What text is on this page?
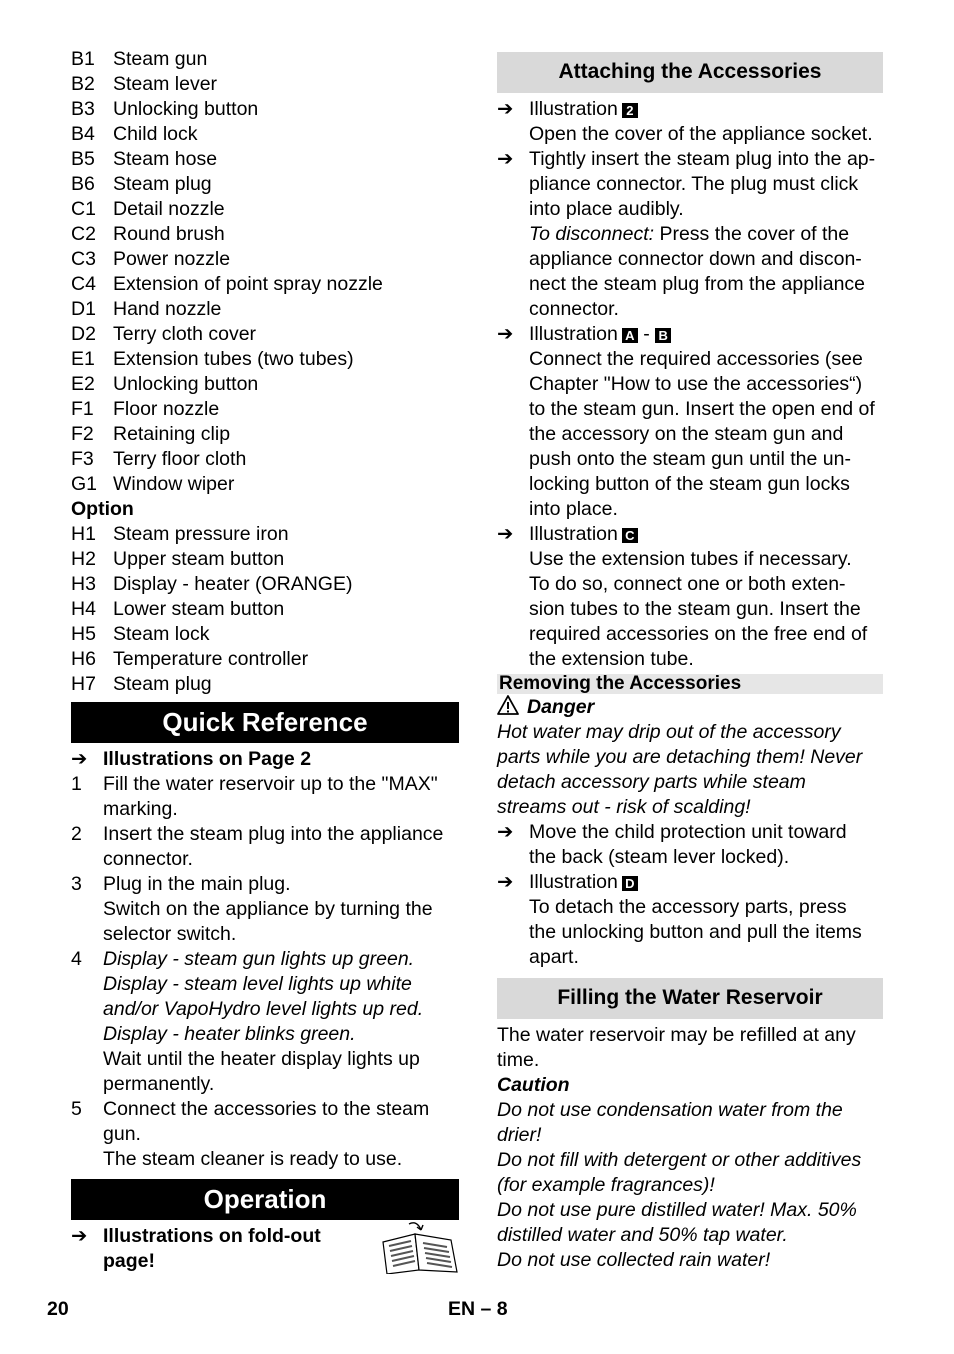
B1 Steam gun
B2 Steam lever
B3 Unlocking button
B4 Child lock
B5 Steam hose
B6 Steam plug
C1 Detail nozzle
C2 Round brush
C3 Power nozzle
C4 Extension of point spray nozzle
D1 Hand nozzle
D2 Terry cloth cover
E1 Extension tubes (two tubes)
E2 Unlocking button
F1 Floor nozzle
F2 Retaining clip
F3 Terry floor cloth
G1 Window wiper
Option
H1 Steam pressure iron
H2 Upper steam button
H3 Display - heater (ORANGE)
H4 Lower steam button
H5 Steam lock
H6 Temperature controller
H7 Steam plug
Quick Reference
➔ Illustrations on Page 2
1	Fill the water reservoir up to the "MAX"
marking.
2	Insert the steam plug into the appliance
connector.
3	Plug in the main plug.
Switch on the appliance by turning the
selector switch.
4	Display - steam gun lights up green.
Display - steam level lights up white
and/or VapoHydro level lights up red.
Display - heater blinks green.
Wait until the heater display lights up
permanently.
5	Connect the accessories to the steam
gun.
The steam cleaner is ready to use.
Operation
➔ Illustrations on fold-out
page!
Attaching the Accessories
➔ Illustration 2
Open the cover of the appliance socket.
➔ Tightly insert the steam plug into the ap-
pliance connector. The plug must click
into place audibly.
To disconnect: Press the cover of the
appliance connector down and discon-
nect the steam plug from the appliance
connector.
➔ Illustration A - B
Connect the required accessories (see
Chapter "How to use the accessories“)
to the steam gun. Insert the open end of
the accessory on the steam gun and
push onto the steam gun until the un-
locking button of the steam gun locks
into place.
➔ Illustration C
Use the extension tubes if necessary.
To do so, connect one or both exten-
sion tubes to the steam gun. Insert the
required accessories on the free end of
the extension tube.
Removing the Accessories
Danger
Hot water may drip out of the accessory
parts while you are detaching them! Never
detach accessory parts while steam
streams out - risk of scalding!
➔ Move the child protection unit toward
the back (steam lever locked).
➔ Illustration D
To detach the accessory parts, press
the unlocking button and pull the items
apart.
Filling the Water Reservoir
The water reservoir may be refilled at any
time.
Caution
Do not use condensation water from the
drier!
Do not fill with detergent or other additives
(for example fragrances)!
Do not use pure distilled water! Max. 50%
distilled water and 50% tap water.
Do not use collected rain water!
20	EN – 8
